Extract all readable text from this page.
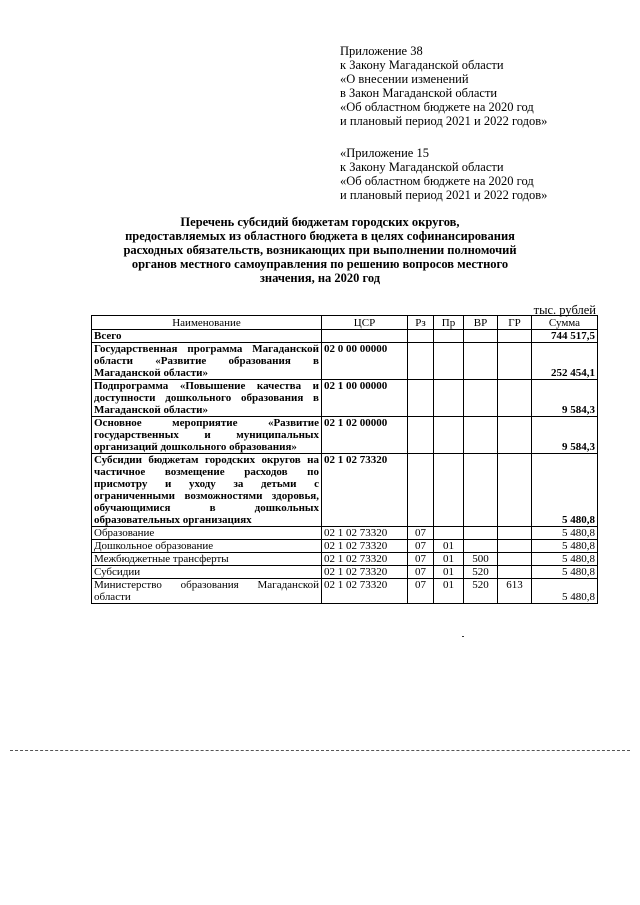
Приложение 38
к Закону Магаданской области
«О внесении изменений
в Закон Магаданской области
«Об областном бюджете на 2020 год
и плановый период 2021 и 2022 годов»
«Приложение 15
к Закону Магаданской области
«Об областном бюджете на 2020 год
и плановый период 2021 и 2022 годов»
Перечень субсидий бюджетам городских округов,
предоставляемых из областного бюджета в целях софинансирования
расходных обязательств, возникающих при выполнении полномочий
органов местного самоуправления по решению вопросов местного
значения, на 2020 год
тыс. рублей
Наименование	ЦСР	Рз	Пр	ВР	ГР	Сумма
Всего						744 517,5
Государственная программа Магаданской области «Развитие образования в Магаданской области»	02 0 00 00000					252 454,1
Подпрограмма «Повышение качества и доступности дошкольного образования в Магаданской области»	02 1 00 00000					9 584,3
Основное мероприятие «Развитие государственных и муниципальных организаций дошкольного образования»	02 1 02 00000					9 584,3
Субсидии бюджетам городских округов на частичное возмещение расходов по присмотру и уходу за детьми с ограниченными возможностями здоровья, обучающимися в дошкольных образовательных организациях	02 1 02 73320					5 480,8
Образование	02 1 02 73320	07				5 480,8
Дошкольное образование	02 1 02 73320	07	01			5 480,8
Межбюджетные трансферты	02 1 02 73320	07	01	500		5 480,8
Субсидии	02 1 02 73320	07	01	520		5 480,8
Министерство образования Магаданской области	02 1 02 73320	07	01	520	613	5 480,8
